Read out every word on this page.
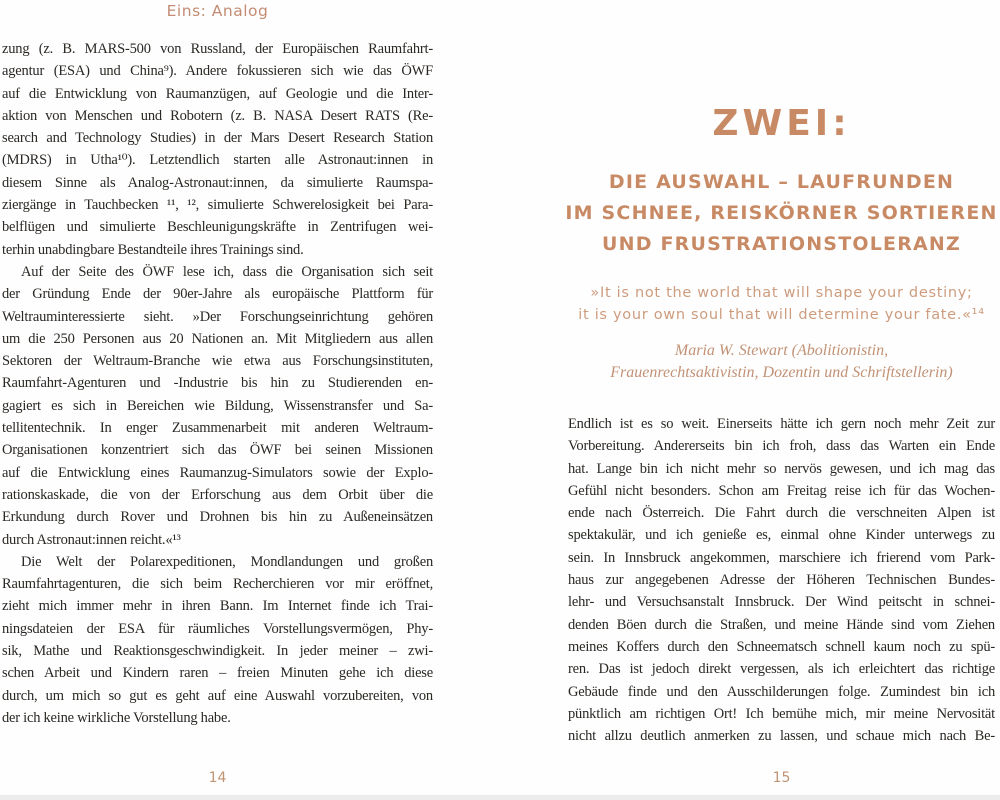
Eins: Analog
zung (z. B. MARS-500 von Russland, der Europäischen Raumfahrt-
agentur (ESA) und China⁹). Andere fokussieren sich wie das ÖWF
auf die Entwicklung von Raumanzügen, auf Geologie und die Inter-
aktion von Menschen und Robotern (z. B. NASA Desert RATS (Re-
search and Technology Studies) in der Mars Desert Research Station
(MDRS) in Utha¹⁰). Letztendlich starten alle Astronaut:innen in
diesem Sinne als Analog-Astronaut:innen, da simulierte Raumspa-
ziergänge in Tauchbecken ¹¹, ¹², simulierte Schwerelosigkeit bei Para-
belflügen und simulierte Beschleunigungskräfte in Zentrifugen wei-
terhin unabdingbare Bestandteile ihres Trainings sind.
Auf der Seite des ÖWF lese ich, dass die Organisation sich seit
der Gründung Ende der 90er-Jahre als europäische Plattform für
Weltrauminteressierte sieht. »Der Forschungseinrichtung gehören
um die 250 Personen aus 20 Nationen an. Mit Mitgliedern aus allen
Sektoren der Weltraum-Branche wie etwa aus Forschungsinstituten,
Raumfahrt-Agenturen und -Industrie bis hin zu Studierenden en-
gagiert es sich in Bereichen wie Bildung, Wissenstransfer und Sa-
tellitentechnik. In enger Zusammenarbeit mit anderen Weltraum-
Organisationen konzentriert sich das ÖWF bei seinen Missionen
auf die Entwicklung eines Raumanzug-Simulators sowie der Explo-
rationskaskade, die von der Erforschung aus dem Orbit über die
Erkundung durch Rover und Drohnen bis hin zu Außeneinsätzen
durch Astronaut:innen reicht.«¹³
Die Welt der Polarexpeditionen, Mondlandungen und großen
Raumfahrtagenturen, die sich beim Recherchieren vor mir eröffnet,
zieht mich immer mehr in ihren Bann. Im Internet finde ich Trai-
ningsdateien der ESA für räumliches Vorstellungsvermögen, Phy-
sik, Mathe und Reaktionsgeschwindigkeit. In jeder meiner – zwi-
schen Arbeit und Kindern raren – freien Minuten gehe ich diese
durch, um mich so gut es geht auf eine Auswahl vorzubereiten, von
der ich keine wirkliche Vorstellung habe.
14
ZWEI:
DIE AUSWAHL – LAUFRUNDEN
IM SCHNEE, REISKÖRNER SORTIEREN
UND FRUSTRATIONSTOLERANZ
»It is not the world that will shape your destiny;
it is your own soul that will determine your fate.«¹⁴
Maria W. Stewart (Abolitionistin,
Frauenrechtsaktivistin, Dozentin und Schriftstellerin)
Endlich ist es so weit. Einerseits hätte ich gern noch mehr Zeit zur
Vorbereitung. Andererseits bin ich froh, dass das Warten ein Ende
hat. Lange bin ich nicht mehr so nervös gewesen, und ich mag das
Gefühl nicht besonders. Schon am Freitag reise ich für das Wochen-
ende nach Österreich. Die Fahrt durch die verschneiten Alpen ist
spektakulär, und ich genieße es, einmal ohne Kinder unterwegs zu
sein. In Innsbruck angekommen, marschiere ich frierend vom Park-
haus zur angegebenen Adresse der Höheren Technischen Bundes-
lehr- und Versuchsanstalt Innsbruck. Der Wind peitscht in schnei-
denden Böen durch die Straßen, und meine Hände sind vom Ziehen
meines Koffers durch den Schneematsch schnell kaum noch zu spü-
ren. Das ist jedoch direkt vergessen, als ich erleichtert das richtige
Gebäude finde und den Ausschilderungen folge. Zumindest bin ich
pünktlich am richtigen Ort! Ich bemühe mich, mir meine Nervosität
nicht allzu deutlich anmerken zu lassen, und schaue mich nach Be-
15
